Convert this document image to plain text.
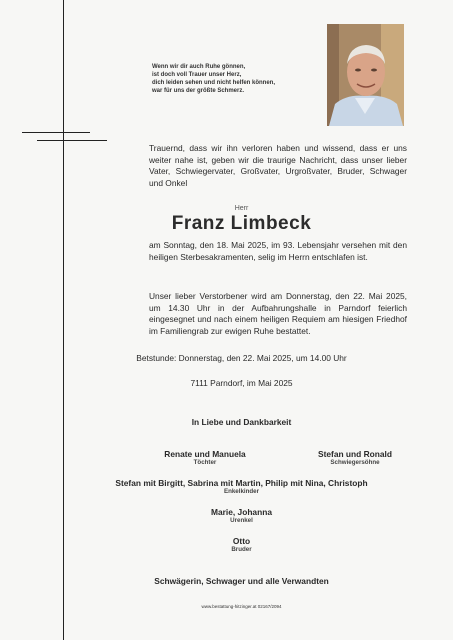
Wenn wir dir auch Ruhe gönnen,
ist doch voll Trauer unser Herz,
dich leiden sehen und nicht helfen können,
war für uns der größte Schmerz.
Trauernd, dass wir ihn verloren haben und wissend, dass er uns weiter nahe ist, geben wir die traurige Nachricht, dass unser lieber Vater, Schwiegervater, Großvater, Urgroßvater, Bruder, Schwager und Onkel
Herr
Franz Limbeck
am Sonntag, den 18. Mai 2025, im 93. Lebensjahr versehen mit den heiligen Sterbesakramenten, selig im Herrn entschlafen ist.
Unser lieber Verstorbener wird am Donnerstag, den 22. Mai 2025, um 14.30 Uhr in der Aufbahrungshalle in Parndorf feierlich eingesegnet und nach einem heiligen Requiem am hiesigen Friedhof im Familiengrab zur ewigen Ruhe bestattet.
Betstunde: Donnerstag, den 22. Mai 2025, um 14.00 Uhr
7111 Parndorf, im Mai 2025
In Liebe und Dankbarkeit
Renate und Manuela
Töchter
Stefan und Ronald
Schwiegersöhne
Stefan mit Birgitt, Sabrina mit Martin, Philip mit Nina, Christoph
Enkelkinder
Marie, Johanna
Urenkel
Otto
Bruder
Schwägerin, Schwager und alle Verwandten
www.bestattung-hitzinger.at 02167/2094
